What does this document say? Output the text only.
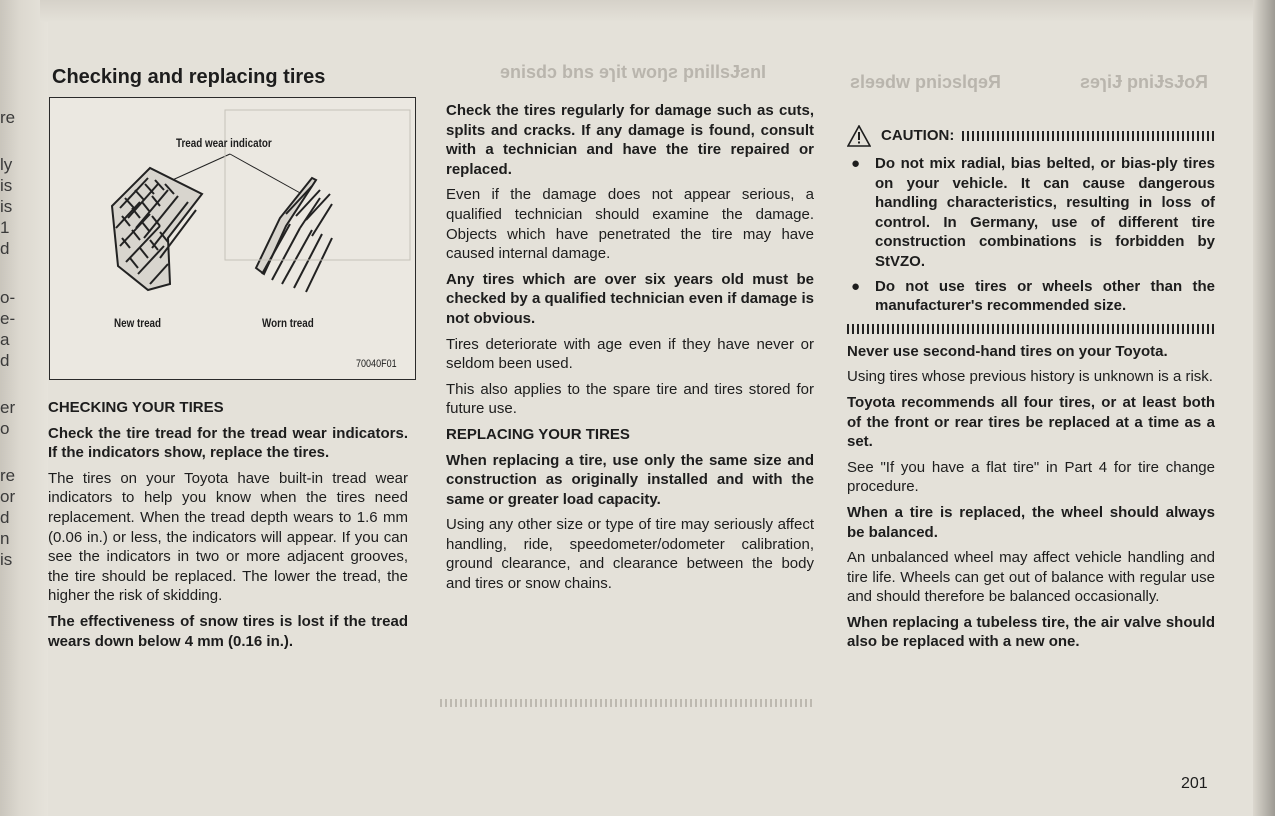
re
ly
is
is
1
d
o-
e-
a
d
er
o
re
or
d
n
is
ɘnisdɔ bns ɘɿit woŋƨ pnillsɈƨnI	ƨlɘɘdw pniɔslqɘЯ	ƨɘɿiɈ pniɈsɈoЯ
Checking and replacing tires
Tread wear indicator
New tread	Worn tread
70040F01
CHECKING YOUR TIRES

Check the tire tread for the tread wear indicators. If the indicators show, replace the tires.

The tires on your Toyota have built-in tread wear indicators to help you know when the tires need replacement. When the tread depth wears to 1.6 mm (0.06 in.) or less, the indicators will appear. If you can see the indicators in two or more adjacent grooves, the tire should be replaced. The lower the tread, the higher the risk of skidding.

The effectiveness of snow tires is lost if the tread wears down below 4 mm (0.16 in.).

Check the tires regularly for damage such as cuts, splits and cracks. If any damage is found, consult with a technician and have the tire repaired or replaced.

Even if the damage does not appear serious, a qualified technician should examine the damage. Objects which have penetrated the tire may have caused internal damage.

Any tires which are over six years old must be checked by a qualified technician even if damage is not obvious.

Tires deteriorate with age even if they have never or seldom been used.

This also applies to the spare tire and tires stored for future use.

REPLACING YOUR TIRES

When replacing a tire, use only the same size and construction as originally installed and with the same or greater load capacity.

Using any other size or type of tire may seriously affect handling, ride, speedometer/odometer calibration, ground clearance, and clearance between the body and tires or snow chains.

CAUTION:
● Do not mix radial, bias belted, or bias-ply tires on your vehicle. It can cause dangerous handling characteristics, resulting in loss of control. In Germany, use of different tire construction combinations is forbidden by StVZO.
● Do not use tires or wheels other than the manufacturer's recommended size.

Never use second-hand tires on your Toyota.

Using tires whose previous history is unknown is a risk.

Toyota recommends all four tires, or at least both of the front or rear tires be replaced at a time as a set.

See "If you have a flat tire" in Part 4 for tire change procedure.

When a tire is replaced, the wheel should always be balanced.

An unbalanced wheel may affect vehicle handling and tire life. Wheels can get out of balance with regular use and should therefore be balanced occasionally.

When replacing a tubeless tire, the air valve should also be replaced with a new one.

201
